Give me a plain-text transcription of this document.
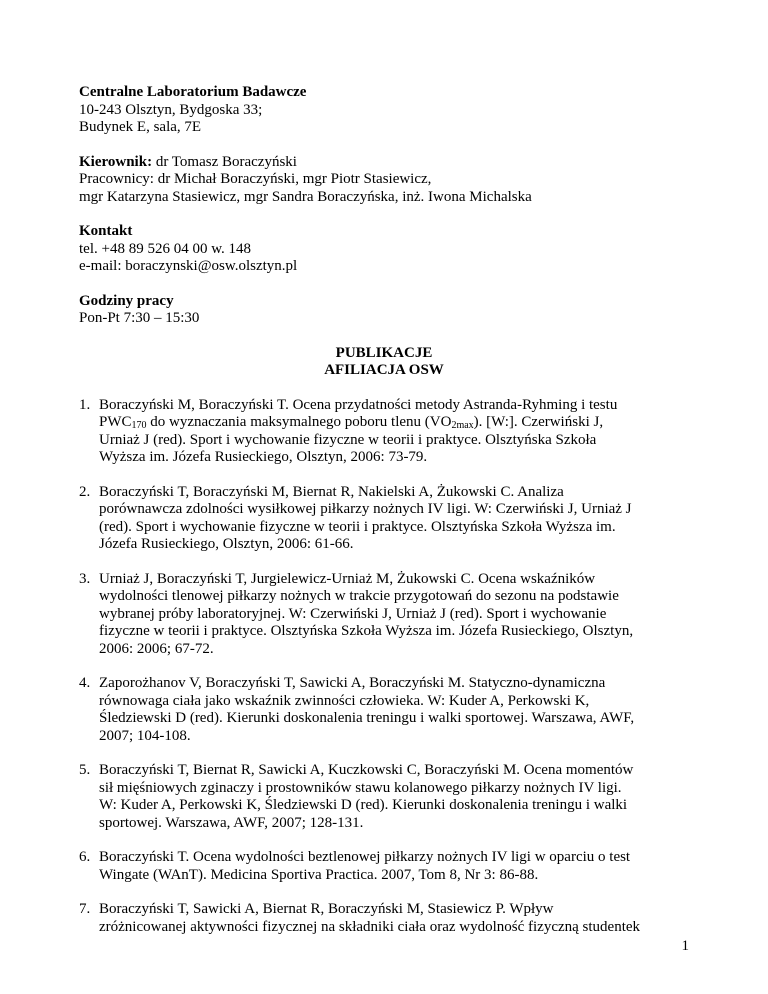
Centralne Laboratorium Badawcze
10-243 Olsztyn, Bydgoska 33;
Budynek E, sala, 7E
Kierownik: dr Tomasz Boraczyński
Pracownicy: dr Michał Boraczyński, mgr Piotr Stasiewicz,
mgr Katarzyna Stasiewicz, mgr Sandra Boraczyńska, inż. Iwona Michalska
Kontakt
tel. +48 89 526 04 00 w. 148
e-mail: boraczynski@osw.olsztyn.pl
Godziny pracy
Pon-Pt 7:30 – 15:30
PUBLIKACJE
AFILIACJA OSW
1. Boraczyński M, Boraczyński T. Ocena przydatności metody Astranda-Ryhming i testu
$PWC_{170}$ do wyznaczania maksymalnego poboru tlenu $(VO_{2max})$. [W:]. Czerwiński J,
Urniaż J (red). Sport i wychowanie fizyczne w teorii i praktyce. Olsztyńska Szkoła
Wyższa im. Józefa Rusieckiego, Olsztyn, 2006: 73-79.
2. Boraczyński T, Boraczyński M, Biernat R, Nakielski A, Żukowski C. Analiza
porównawcza zdolności wysiłkowej piłkarzy nożnych IV ligi. W: Czerwiński J, Urniaż J
(red). Sport i wychowanie fizyczne w teorii i praktyce. Olsztyńska Szkoła Wyższa im.
Józefa Rusieckiego, Olsztyn, 2006: 61-66.
3. Urniaż J, Boraczyński T, Jurgielewicz-Urniaż M, Żukowski C. Ocena wskaźników
wydolności tlenowej piłkarzy nożnych w trakcie przygotowań do sezonu na podstawie
wybranej próby laboratoryjnej. W: Czerwiński J, Urniaż J (red). Sport i wychowanie
fizyczne w teorii i praktyce. Olsztyńska Szkoła Wyższa im. Józefa Rusieckiego, Olsztyn,
2006: 2006; 67-72.
4. Zaporożhanov V, Boraczyński T, Sawicki A, Boraczyński M. Statyczno-dynamiczna
równowaga ciała jako wskaźnik zwinności człowieka. W: Kuder A, Perkowski K,
Śledziewski D (red). Kierunki doskonalenia treningu i walki sportowej. Warszawa, AWF,
2007; 104-108.
5. Boraczyński T, Biernat R, Sawicki A, Kuczkowski C, Boraczyński M. Ocena momentów
sił mięśniowych zginaczy i prostowników stawu kolanowego piłkarzy nożnych IV ligi.
W: Kuder A, Perkowski K, Śledziewski D (red). Kierunki doskonalenia treningu i walki
sportowej. Warszawa, AWF, 2007; 128-131.
6. Boraczyński T. Ocena wydolności beztlenowej piłkarzy nożnych IV ligi w oparciu o test
Wingate (WAnT). Medicina Sportiva Practica. 2007, Tom 8, Nr 3: 86-88.
7. Boraczyński T, Sawicki A, Biernat R, Boraczyński M, Stasiewicz P. Wpływ
zróżnicowanej aktywności fizycznej na składniki ciała oraz wydolność fizyczną studentek
1
